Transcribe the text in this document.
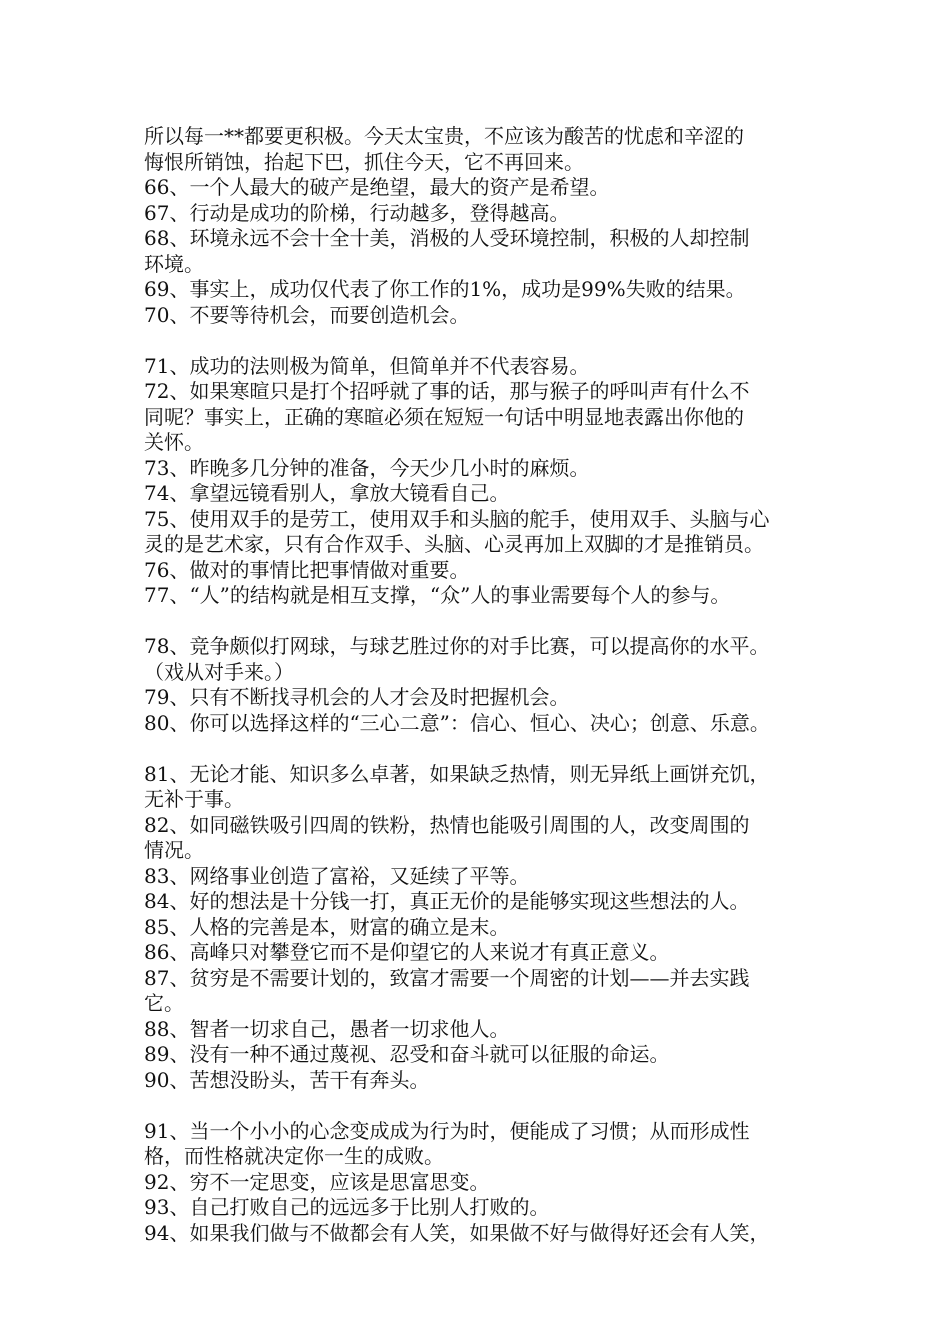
所以每一**都要更积极。今天太宝贵，不应该为酸苦的忧虑和辛涩的
悔恨所销蚀，抬起下巴，抓住今天，它不再回来。
66、一个人最大的破产是绝望，最大的资产是希望。
67、行动是成功的阶梯，行动越多，登得越高。
68、环境永远不会十全十美，消极的人受环境控制，积极的人却控制
环境。
69、事实上，成功仅代表了你工作的1%，成功是99%失败的结果。
70、不要等待机会，而要创造机会。
71、成功的法则极为简单，但简单并不代表容易。
72、如果寒暄只是打个招呼就了事的话，那与猴子的呼叫声有什么不
同呢？事实上，正确的寒暄必须在短短一句话中明显地表露出你他的
关怀。
73、昨晚多几分钟的准备，今天少几小时的麻烦。
74、拿望远镜看别人，拿放大镜看自己。
75、使用双手的是劳工，使用双手和头脑的舵手，使用双手、头脑与心
灵的是艺术家，只有合作双手、头脑、心灵再加上双脚的才是推销员。
76、做对的事情比把事情做对重要。
77、“人”的结构就是相互支撑，“众”人的事业需要每个人的参与。
78、竞争颇似打网球，与球艺胜过你的对手比赛，可以提高你的水平。
（戏从对手来。）
79、只有不断找寻机会的人才会及时把握机会。
80、你可以选择这样的“三心二意”：信心、恒心、决心；创意、乐意。
81、无论才能、知识多么卓著，如果缺乏热情，则无异纸上画饼充饥，
无补于事。
82、如同磁铁吸引四周的铁粉，热情也能吸引周围的人，改变周围的
情况。
83、网络事业创造了富裕，又延续了平等。
84、好的想法是十分钱一打，真正无价的是能够实现这些想法的人。
85、人格的完善是本，财富的确立是末。
86、高峰只对攀登它而不是仰望它的人来说才有真正意义。
87、贫穷是不需要计划的，致富才需要一个周密的计划——并去实践
它。
88、智者一切求自己，愚者一切求他人。
89、没有一种不通过蔑视、忍受和奋斗就可以征服的命运。
90、苦想没盼头，苦干有奔头。
91、当一个小小的心念变成成为行为时，便能成了习惯；从而形成性
格，而性格就决定你一生的成败。
92、穷不一定思变，应该是思富思变。
93、自己打败自己的远远多于比别人打败的。
94、如果我们做与不做都会有人笑，如果做不好与做得好还会有人笑，
